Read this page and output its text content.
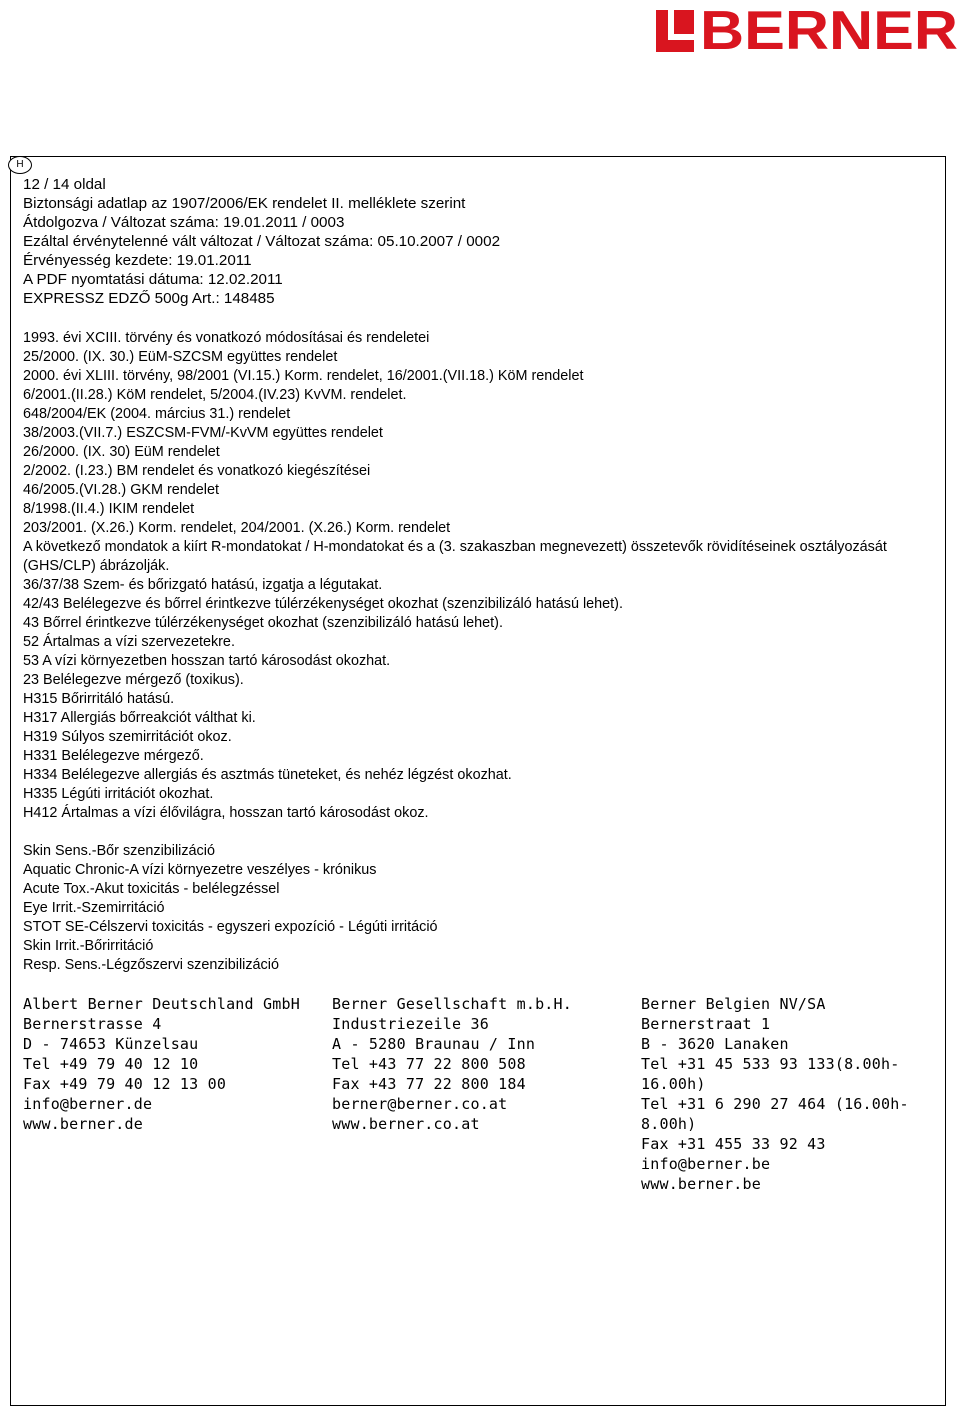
BERNER
H
12 / 14 oldal
Biztonsági adatlap az 1907/2006/EK rendelet II. melléklete szerint
Átdolgozva / Változat száma: 19.01.2011 / 0003
Ezáltal érvénytelenné vált változat / Változat száma: 05.10.2007 / 0002
Érvényesség kezdete: 19.01.2011
A PDF nyomtatási dátuma: 12.02.2011
EXPRESSZ EDZŐ 500g Art.: 148485
1993. évi XCIII. törvény és vonatkozó módosításai és rendeletei
25/2000. (IX. 30.) EüM-SZCSM együttes rendelet
2000. évi XLIII. törvény, 98/2001 (VI.15.) Korm. rendelet, 16/2001.(VII.18.) KöM rendelet
6/2001.(II.28.) KöM rendelet, 5/2004.(IV.23) KvVM. rendelet.
648/2004/EK (2004. március 31.) rendelet
38/2003.(VII.7.) ESZCSM-FVM/-KvVM együttes rendelet
26/2000. (IX. 30) EüM rendelet
2/2002. (I.23.) BM rendelet és vonatkozó kiegészítései
46/2005.(VI.28.) GKM rendelet
8/1998.(II.4.) IKIM rendelet
203/2001. (X.26.) Korm. rendelet, 204/2001. (X.26.) Korm. rendelet
A következő mondatok a kiírt R-mondatokat / H-mondatokat és a (3. szakaszban megnevezett) összetevők rövidítéseinek osztályozását (GHS/CLP) ábrázolják.
36/37/38 Szem- és bőrizgató hatású, izgatja a légutakat.
42/43 Belélegezve és bőrrel érintkezve túlérzékenységet okozhat (szenzibilizáló hatású lehet).
43 Bőrrel érintkezve túlérzékenységet okozhat (szenzibilizáló hatású lehet).
52 Ártalmas a vízi szervezetekre.
53 A vízi környezetben hosszan tartó károsodást okozhat.
23 Belélegezve mérgező (toxikus).
H315 Bőrirritáló hatású.
H317 Allergiás bőrreakciót válthat ki.
H319 Súlyos szemirritációt okoz.
H331 Belélegezve mérgező.
H334 Belélegezve allergiás és asztmás tüneteket, és nehéz légzést okozhat.
H335 Légúti irritációt okozhat.
H412 Ártalmas a vízi élővilágra, hosszan tartó károsodást okoz.
Skin Sens.-Bőr szenzibilizáció
Aquatic Chronic-A vízi környezetre veszélyes - krónikus
Acute Tox.-Akut toxicitás - belélegzéssel
Eye Irrit.-Szemirritáció
STOT SE-Célszervi toxicitás - egyszeri expozíció - Légúti irritáció
Skin Irrit.-Bőrirritáció
Resp. Sens.-Légzőszervi szenzibilizáció
Albert Berner Deutschland GmbH
Bernerstrasse 4
D - 74653 Künzelsau
Tel +49 79 40 12 10
Fax +49 79 40 12 13 00
info@berner.de
www.berner.de
Berner Gesellschaft m.b.H.
Industriezeile 36
A - 5280 Braunau / Inn
Tel +43 77 22 800 508
Fax +43 77 22 800 184
berner@berner.co.at
www.berner.co.at
Berner Belgien NV/SA
Bernerstraat 1
B - 3620 Lanaken
Tel +31 45 533 93 133(8.00h-
16.00h)
Tel +31 6 290 27 464 (16.00h-
8.00h)
Fax +31 455 33 92 43
info@berner.be
www.berner.be
